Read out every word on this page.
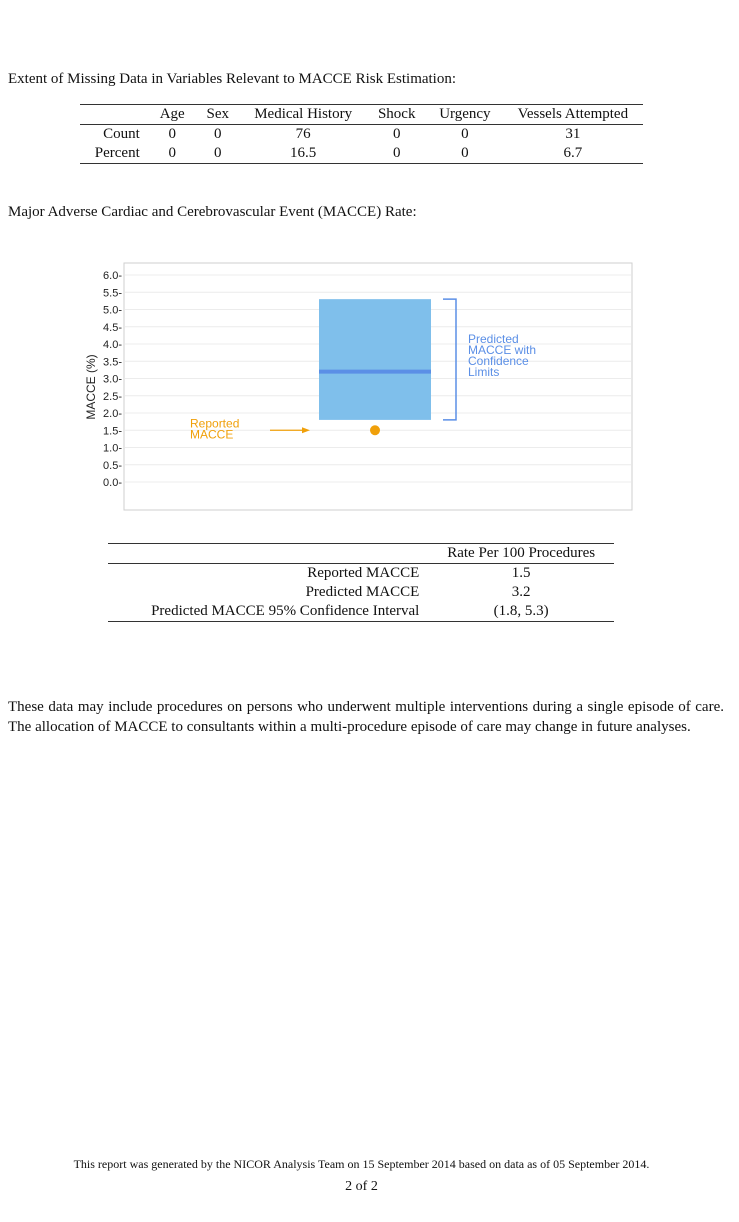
Extent of Missing Data in Variables Relevant to MACCE Risk Estimation:
	Age	Sex	Medical History	Shock	Urgency	Vessels Attempted
Count	0	0	76	0	0	31
Percent	0	0	16.5	0	0	6.7
Major Adverse Cardiac and Cerebrovascular Event (MACCE) Rate:
0.0-
0.5-
1.0-
1.5-
2.0-
2.5-
3.0-
3.5-
4.0-
4.5-
5.0-
5.5-
6.0-
MACCE (%)
Predicted MACCE with Confidence Limits
Reported MACCE
	Rate Per 100 Procedures
Reported MACCE	1.5
Predicted MACCE	3.2
Predicted MACCE 95% Confidence Interval	(1.8, 5.3)

These data may include procedures on persons who underwent multiple interventions during a single episode of care. The allocation of MACCE to consultants within a multi-procedure episode of care may change in future analyses.

This report was generated by the NICOR Analysis Team on 15 September 2014 based on data as of 05 September 2014.

2 of 2
